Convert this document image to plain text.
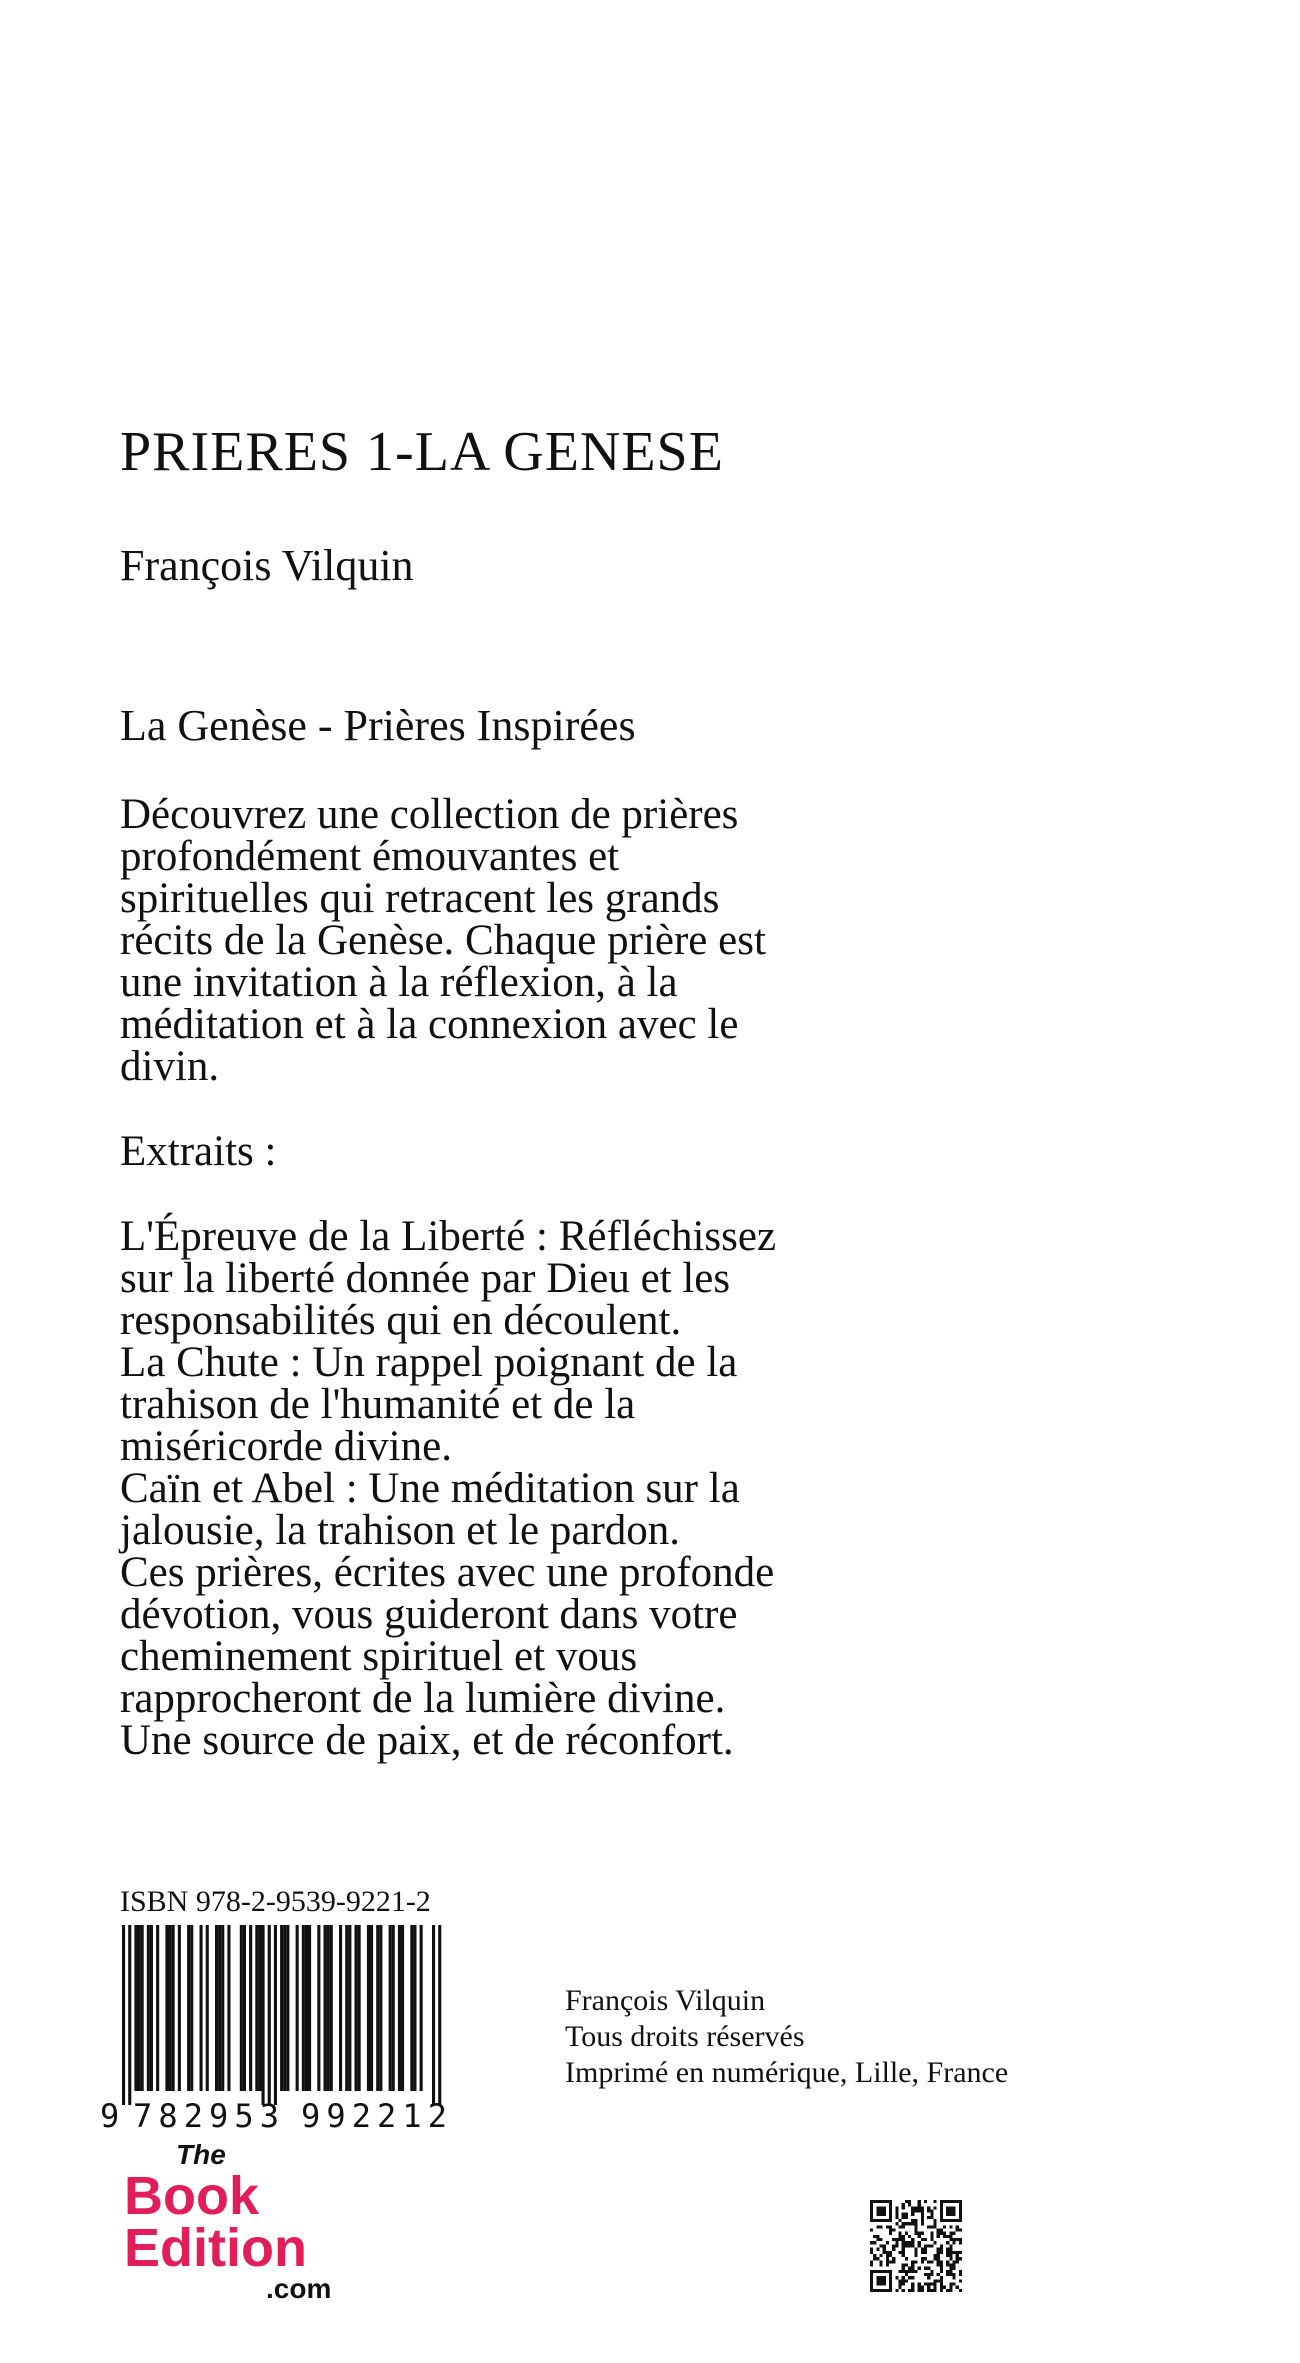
PRIERES 1-LA GENESE
François Vilquin
La Genèse - Prières Inspirées
Découvrez une collection de prières
profondément émouvantes et
spirituelles qui retracent les grands
récits de la Genèse. Chaque prière est
une invitation à la réflexion, à la
méditation et à la connexion avec le
divin.
Extraits :
L'Épreuve de la Liberté : Réfléchissez
sur la liberté donnée par Dieu et les
responsabilités qui en découlent.
La Chute : Un rappel poignant de la
trahison de l'humanité et de la
miséricorde divine.
Caïn et Abel : Une méditation sur la
jalousie, la trahison et le pardon.
Ces prières, écrites avec une profonde
dévotion, vous guideront dans votre
cheminement spirituel et vous
rapprocheront de la lumière divine.
Une source de paix, et de réconfort.
ISBN 978-2-9539-9221-2
9 782953 992212
François Vilquin
Tous droits réservés
Imprimé en numérique, Lille, France
The
Book
Edition
.com
